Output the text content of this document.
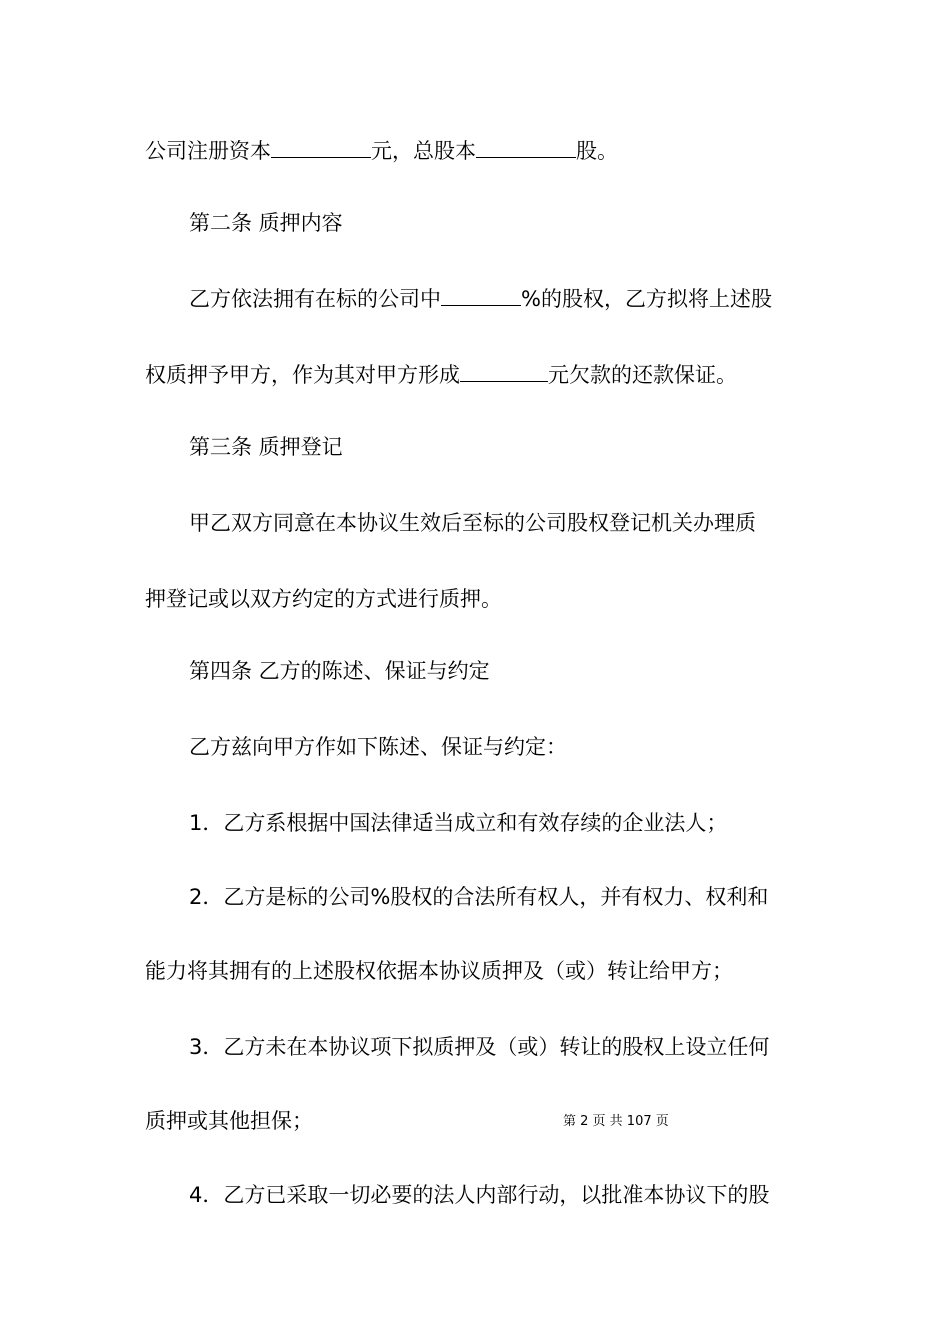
公司注册资本	元，总股本	股。
第二条 质押内容
乙方依法拥有在标的公司中	%的股权，乙方拟将上述股
权质押予甲方，作为其对甲方形成	元欠款的还款保证。
第三条 质押登记
甲乙双方同意在本协议生效后至标的公司股权登记机关办理质
押登记或以双方约定的方式进行质押。
第四条 乙方的陈述、保证与约定
乙方兹向甲方作如下陈述、保证与约定：
1．乙方系根据中国法律适当成立和有效存续的企业法人；
2．乙方是标的公司%股权的合法所有权人，并有权力、权利和
能力将其拥有的上述股权依据本协议质押及（或）转让给甲方；
3．乙方未在本协议项下拟质押及（或）转让的股权上设立任何
质押或其他担保；	第 2 页 共 107 页
4．乙方已采取一切必要的法人内部行动，以批准本协议下的股
